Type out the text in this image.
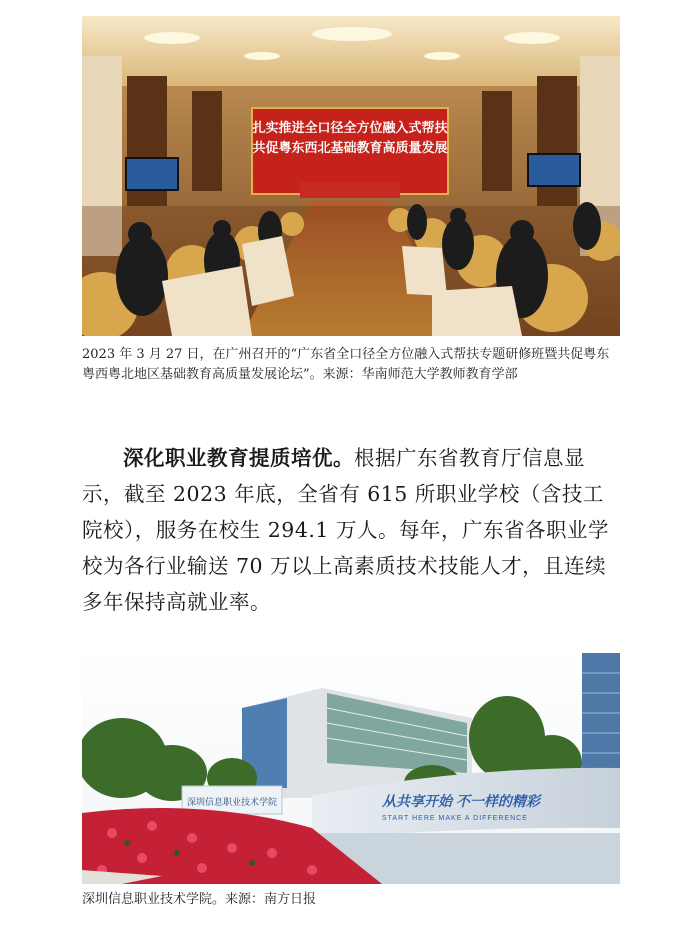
扎实推进全口径全方位融入式帮扶
共促粤东西北基础教育高质量发展
2023 年 3 月 27 日，在广州召开的“广东省全口径全方位融入式帮扶专题研修班暨共促粤东粤西粤北地区基础教育高质量发展论坛”。来源：华南师范大学教师教育学部

深化职业教育提质培优。根据广东省教育厅信息显示，截至 2023 年底，全省有 615 所职业学校（含技工院校），服务在校生 294.1 万人。每年，广东省各职业学校为各行业输送 70 万以上高素质技术技能人才，且连续多年保持高就业率。

深圳信息职业技术学院	从共享开始 不一样的精彩
START HERE MAKE A DIFFERENCE
深圳信息职业技术学院。来源：南方日报
